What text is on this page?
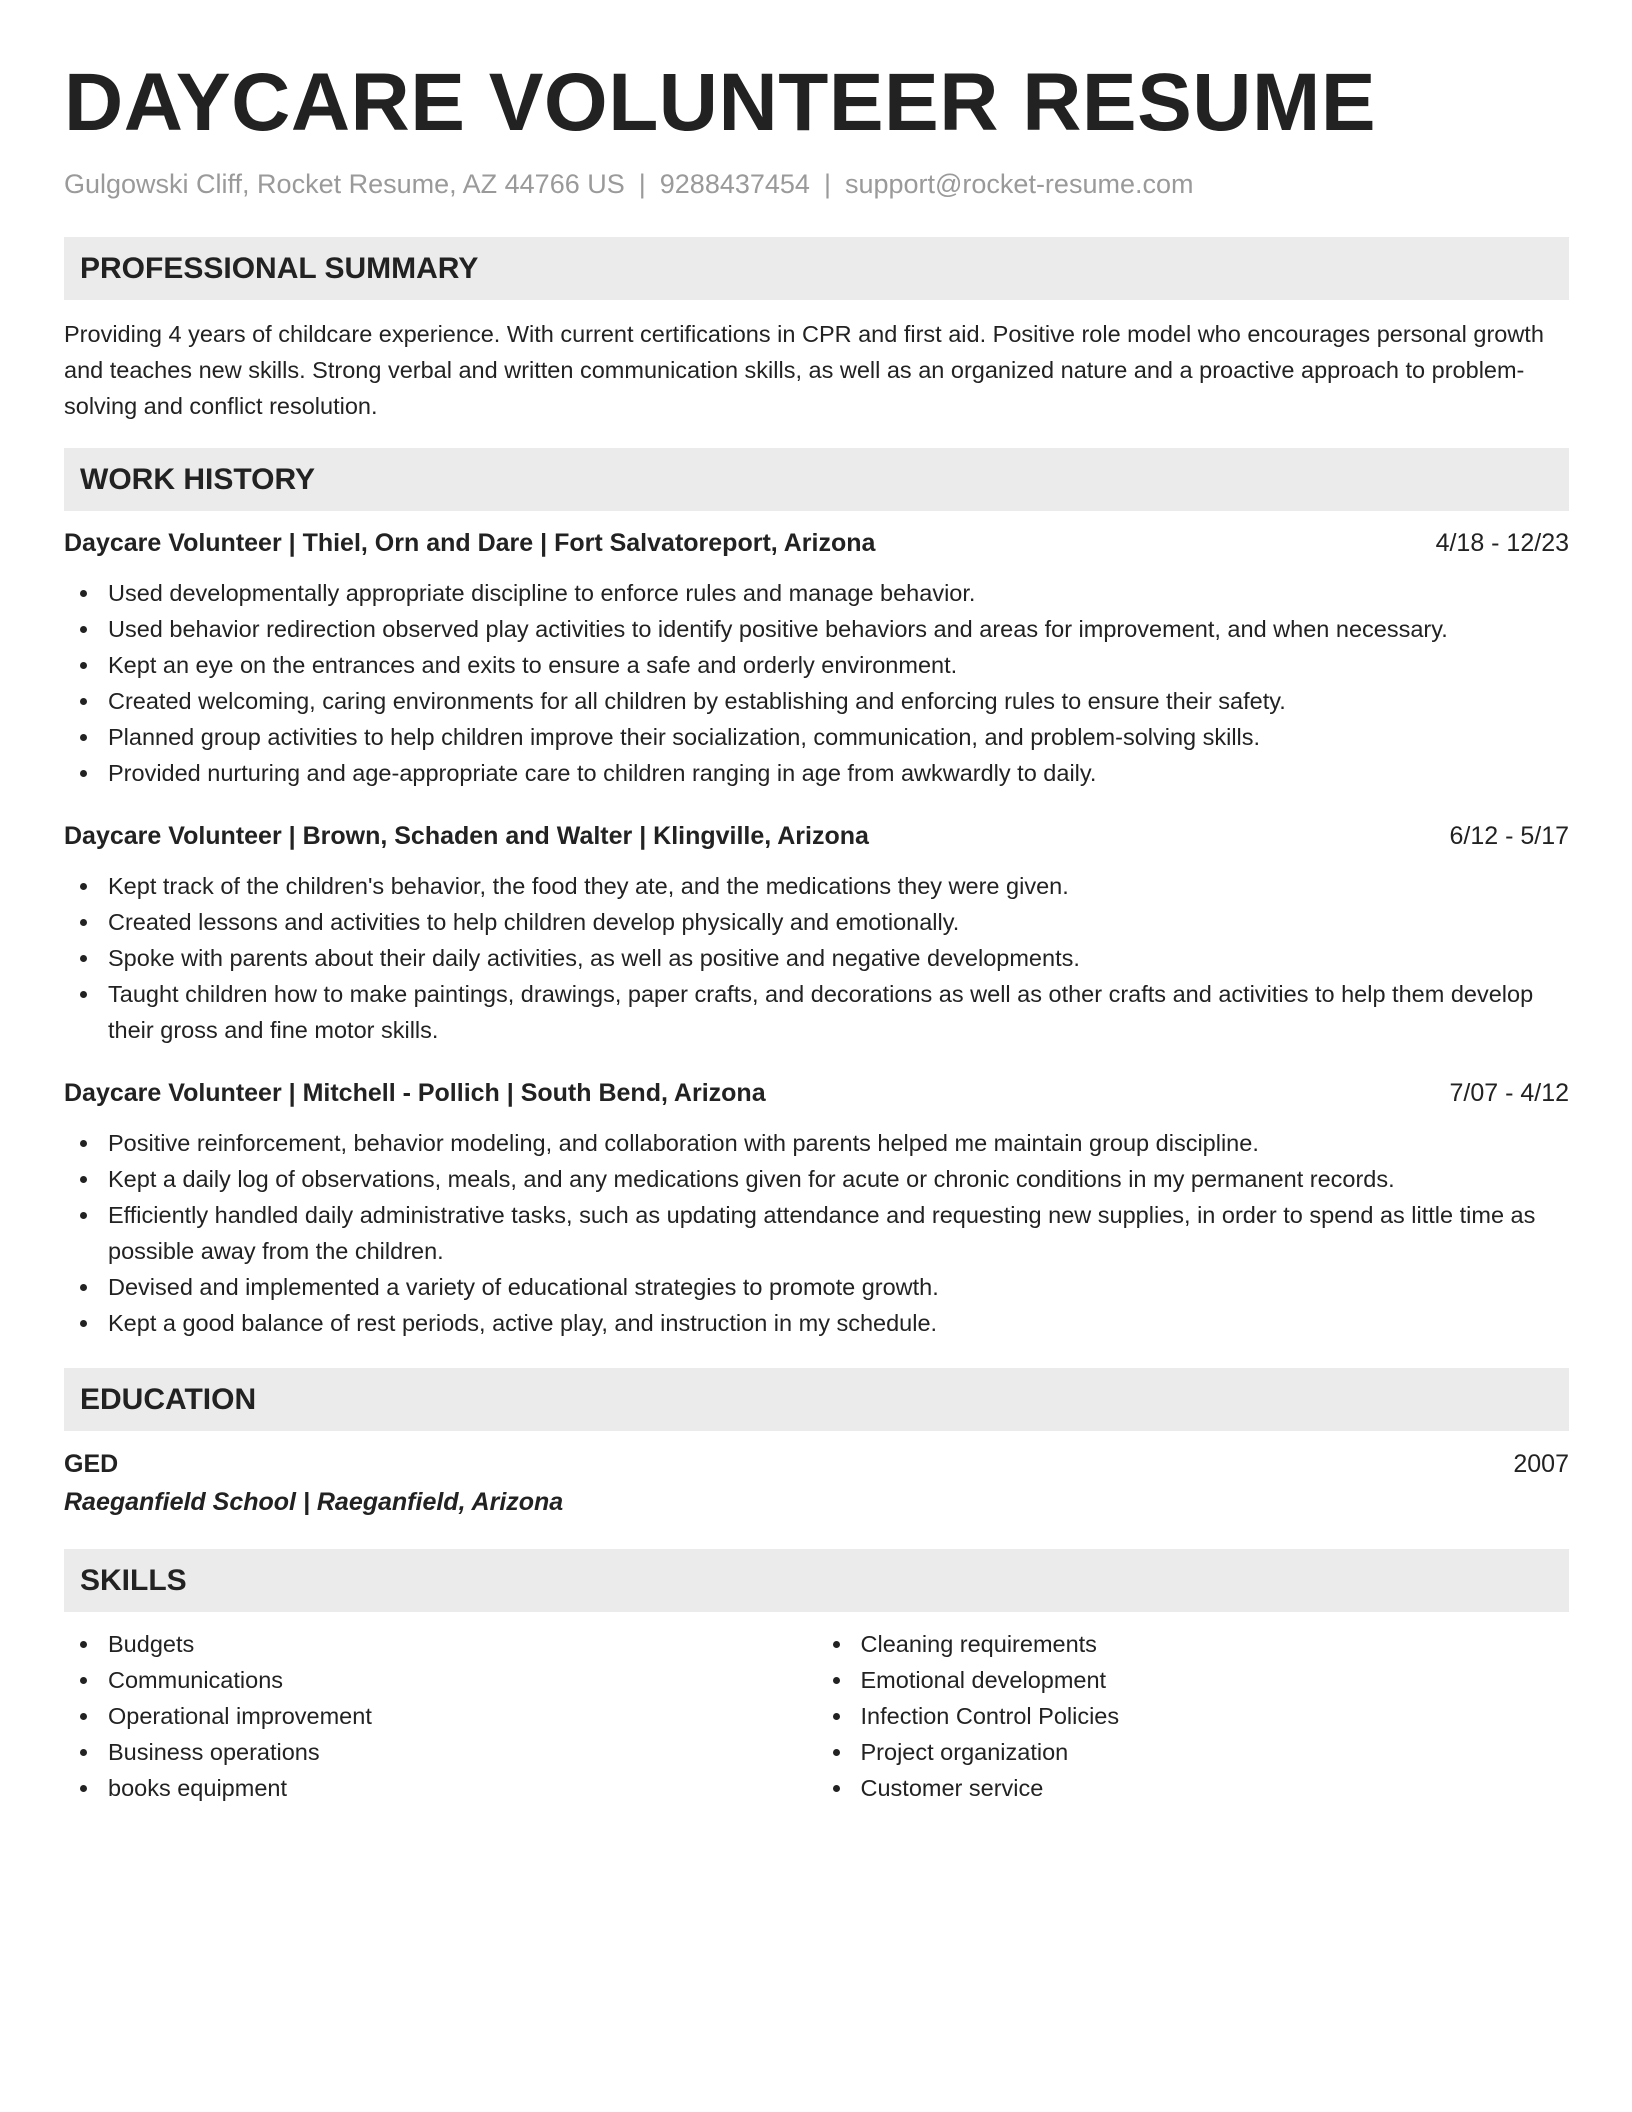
DAYCARE VOLUNTEER RESUME
Gulgowski Cliff, Rocket Resume, AZ 44766 US | 9288437454 | support@rocket-resume.com
PROFESSIONAL SUMMARY

Providing 4 years of childcare experience. With current certifications in CPR and first aid. Positive role model who encourages personal growth and teaches new skills. Strong verbal and written communication skills, as well as an organized nature and a proactive approach to problem-solving and conflict resolution.

WORK HISTORY
Daycare Volunteer | Thiel, Orn and Dare | Fort Salvatoreport, Arizona	4/18 - 12/23
Used developmentally appropriate discipline to enforce rules and manage behavior.
Used behavior redirection observed play activities to identify positive behaviors and areas for improvement, and when necessary.
Kept an eye on the entrances and exits to ensure a safe and orderly environment.
Created welcoming, caring environments for all children by establishing and enforcing rules to ensure their safety.
Planned group activities to help children improve their socialization, communication, and problem-solving skills.
Provided nurturing and age-appropriate care to children ranging in age from awkwardly to daily.
Daycare Volunteer | Brown, Schaden and Walter | Klingville, Arizona	6/12 - 5/17
Kept track of the children's behavior, the food they ate, and the medications they were given.
Created lessons and activities to help children develop physically and emotionally.
Spoke with parents about their daily activities, as well as positive and negative developments.
Taught children how to make paintings, drawings, paper crafts, and decorations as well as other crafts and activities to help them develop their gross and fine motor skills.
Daycare Volunteer | Mitchell - Pollich | South Bend, Arizona	7/07 - 4/12
Positive reinforcement, behavior modeling, and collaboration with parents helped me maintain group discipline.
Kept a daily log of observations, meals, and any medications given for acute or chronic conditions in my permanent records.
Efficiently handled daily administrative tasks, such as updating attendance and requesting new supplies, in order to spend as little time as possible away from the children.
Devised and implemented a variety of educational strategies to promote growth.
Kept a good balance of rest periods, active play, and instruction in my schedule.
EDUCATION
GED	2007
Raeganfield School | Raeganfield, Arizona
SKILLS
Budgets
Communications
Operational improvement
Business operations
books equipment
Cleaning requirements
Emotional development
Infection Control Policies
Project organization
Customer service
